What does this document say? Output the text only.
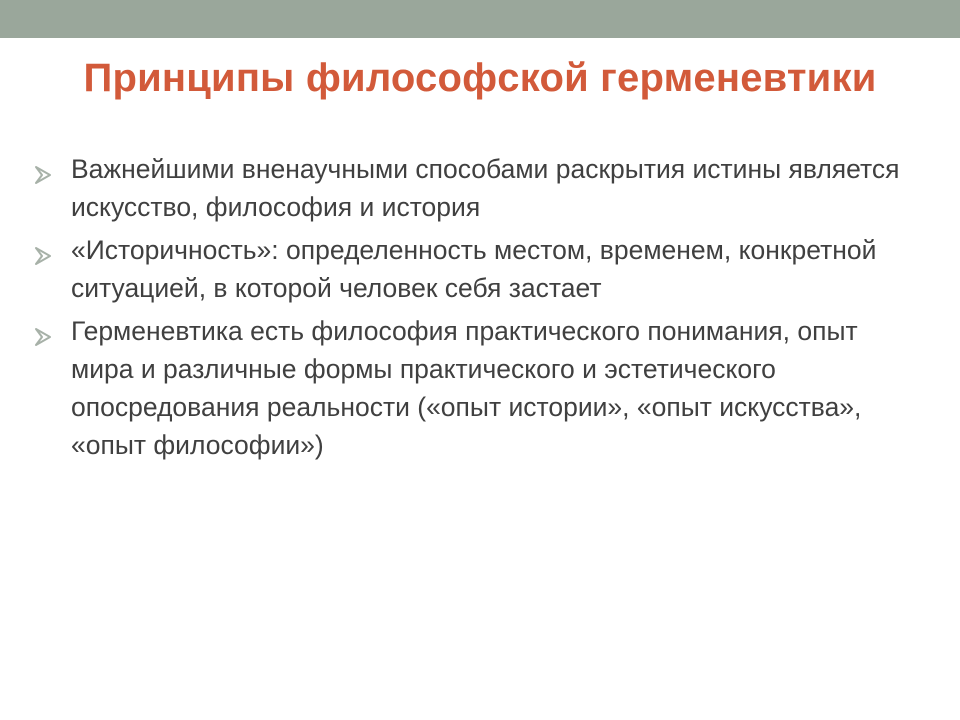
Принципы философской герменевтики
Важнейшими вненаучными способами раскрытия истины является искусство, философия и история
«Историчность»: определенность местом, временем, конкретной ситуацией, в которой человек себя застает
Герменевтика есть философия практического понимания, опыт мира и различные формы практического и эстетического опосредования реальности («опыт истории», «опыт искусства», «опыт философии»)
